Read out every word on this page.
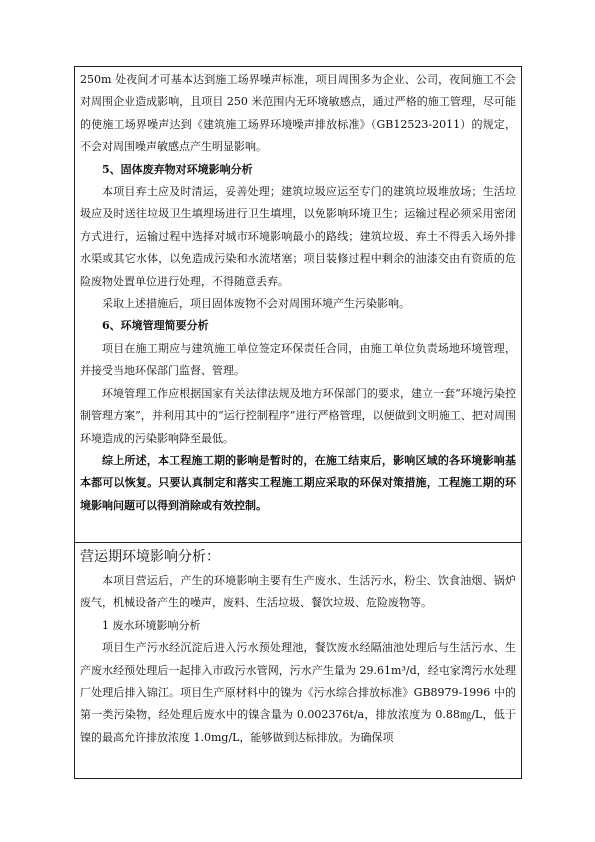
250m 处夜间才可基本达到施工场界噪声标准，项目周围多为企业、公司，夜间施工不会对周围企业造成影响，且项目 250 米范围内无环境敏感点，通过严格的施工管理，尽可能的使施工场界噪声达到《建筑施工场界环境噪声排放标准》（GB12523-2011）的规定，不会对周围噪声敏感点产生明显影响。

5、固体废弃物对环境影响分析

本项目弃土应及时清运，妥善处理；建筑垃圾应运至专门的建筑垃圾堆放场；生活垃圾应及时送往垃圾卫生填埋场进行卫生填埋，以免影响环境卫生；运输过程必须采用密闭方式进行，运输过程中选择对城市环境影响最小的路线；建筑垃圾、弃土不得丢入场外排水渠或其它水体，以免造成污染和水流堵塞；项目装修过程中剩余的油漆交由有资质的危险废物处置单位进行处理，不得随意丢弃。

采取上述措施后，项目固体废物不会对周围环境产生污染影响。

6、环境管理简要分析

项目在施工期应与建筑施工单位签定环保责任合同，由施工单位负责场地环境管理，并接受当地环保部门监督、管理。

环境管理工作应根据国家有关法律法规及地方环保部门的要求，建立一套“环境污染控制管理方案”，并利用其中的“运行控制程序”进行严格管理，以便做到文明施工、把对周围环境造成的污染影响降至最低。

综上所述，本工程施工期的影响是暂时的，在施工结束后，影响区域的各环境影响基本都可以恢复。只要认真制定和落实工程施工期应采取的环保对策措施，工程施工期的环境影响问题可以得到消除或有效控制。

营运期环境影响分析：

本项目营运后，产生的环境影响主要有生产废水、生活污水，粉尘、饮食油烟、锅炉废气，机械设备产生的噪声，废料、生活垃圾、餐饮垃圾、危险废物等。

1 废水环境影响分析

项目生产污水经沉淀后进入污水预处理池，餐饮废水经隔油池处理后与生活污水、生产废水经预处理后一起排入市政污水管网，污水产生量为 29.61m³/d，经屯家湾污水处理厂处理后排入锦江。项目生产原材料中的镍为《污水综合排放标准》GB8979-1996 中的第一类污染物，经处理后废水中的镍含量为 0.002376t/a，排放浓度为 0.88㎎/L，低于镍的最高允许排放浓度 1.0mg/L，能够做到达标排放。为确保项
